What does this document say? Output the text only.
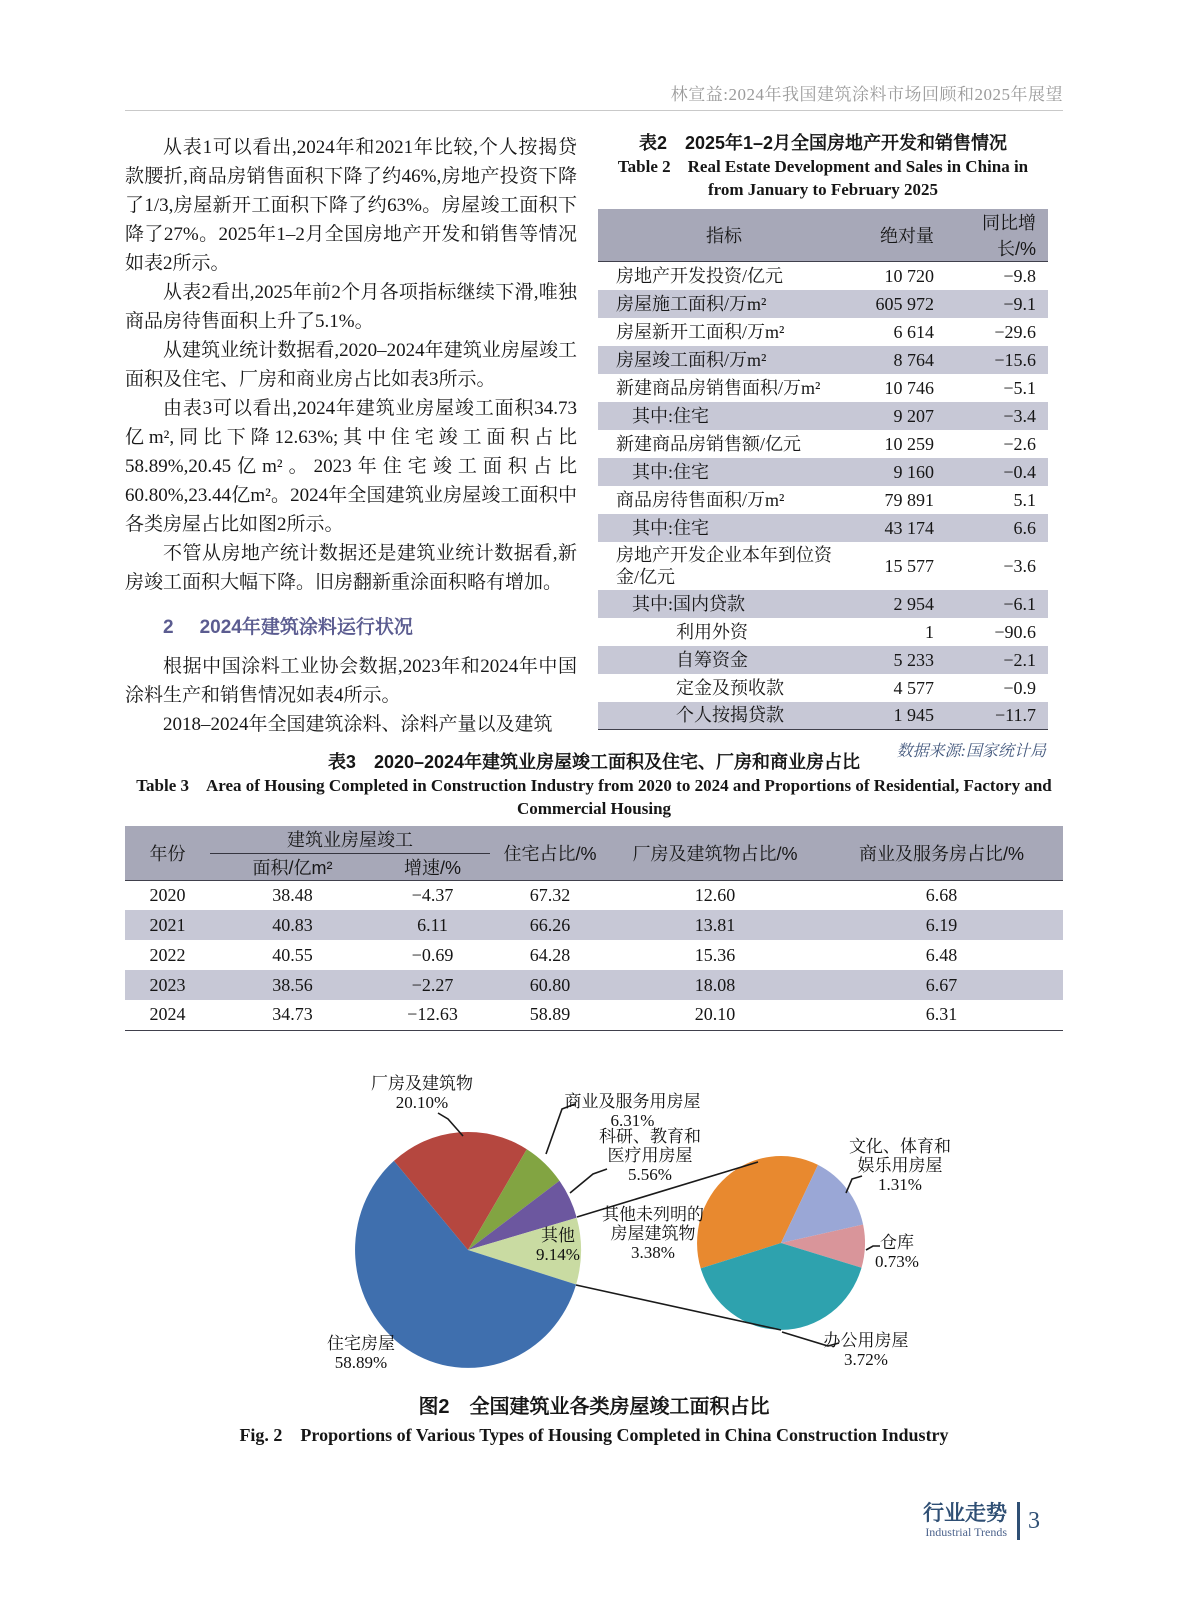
林宣益:2024年我国建筑涂料市场回顾和2025年展望

从表1可以看出,2024年和2021年比较,个人按揭贷款腰折,商品房销售面积下降了约46%,房地产投资下降了1/3,房屋新开工面积下降了约63%。房屋竣工面积下降了27%。2025年1–2月全国房地产开发和销售等情况如表2所示。

从表2看出,2025年前2个月各项指标继续下滑,唯独商品房待售面积上升了5.1%。

从建筑业统计数据看,2020–2024年建筑业房屋竣工面积及住宅、厂房和商业房占比如表3所示。

由表3可以看出,2024年建筑业房屋竣工面积34.73亿m²,同比下降12.63%;其中住宅竣工面积占比58.89%,20.45亿m²。2023年住宅竣工面积占比60.80%,23.44亿m²。2024年全国建筑业房屋竣工面积中各类房屋占比如图2所示。

不管从房地产统计数据还是建筑业统计数据看,新房竣工面积大幅下降。旧房翻新重涂面积略有增加。

2 2024年建筑涂料运行状况

根据中国涂料工业协会数据,2023年和2024年中国涂料生产和销售情况如表4所示。

2018–2024年全国建筑涂料、涂料产量以及建筑

表2　2025年1–2月全国房地产开发和销售情况
Table 2　Real Estate Development and Sales in China in
from January to February 2025
指标	绝对量	同比增长/%
房地产开发投资/亿元	10 720	−9.8
房屋施工面积/万m²	605 972	−9.1
房屋新开工面积/万m²	6 614	−29.6
房屋竣工面积/万m²	8 764	−15.6
新建商品房销售面积/万m²	10 746	−5.1
其中:住宅	9 207	−3.4
新建商品房销售额/亿元	10 259	−2.6
其中:住宅	9 160	−0.4
商品房待售面积/万m²	79 891	5.1
其中:住宅	43 174	6.6
房地产开发企业本年到位资金/亿元	15 577	−3.6
其中:国内贷款	2 954	−6.1
利用外资	1	−90.6
自筹资金	5 233	−2.1
定金及预收款	4 577	−0.9
个人按揭贷款	1 945	−11.7
数据来源:国家统计局
表3　2020–2024年建筑业房屋竣工面积及住宅、厂房和商业房占比
Table 3　Area of Housing Completed in Construction Industry from 2020 to 2024 and Proportions of Residential, Factory and
Commercial Housing
年份	建筑业房屋竣工		住宅占比/%	厂房及建筑物占比/%	商业及服务房占比/%
	面积/亿m²	增速/%			
2020	38.48	−4.37	67.32	12.60	6.68
2021	40.83	6.11	66.26	13.81	6.19
2022	40.55	−0.69	64.28	15.36	6.48
2023	38.56	−2.27	60.80	18.08	6.67
2024	34.73	−12.63	58.89	20.10	6.31
厂房及建筑物
20.10%	商业及服务用房屋
6.31%
科研、教育和
医疗用房屋
5.56%
其他
9.14%
其他未列明的
房屋建筑物
3.38%
文化、体育和
娱乐用房屋
1.31%
仓库
0.73%
办公用房屋
3.72%
住宅房屋
58.89%
图2　全国建筑业各类房屋竣工面积占比
Fig. 2　Proportions of Various Types of Housing Completed in China Construction Industry
行业走势
Industrial Trends 3
